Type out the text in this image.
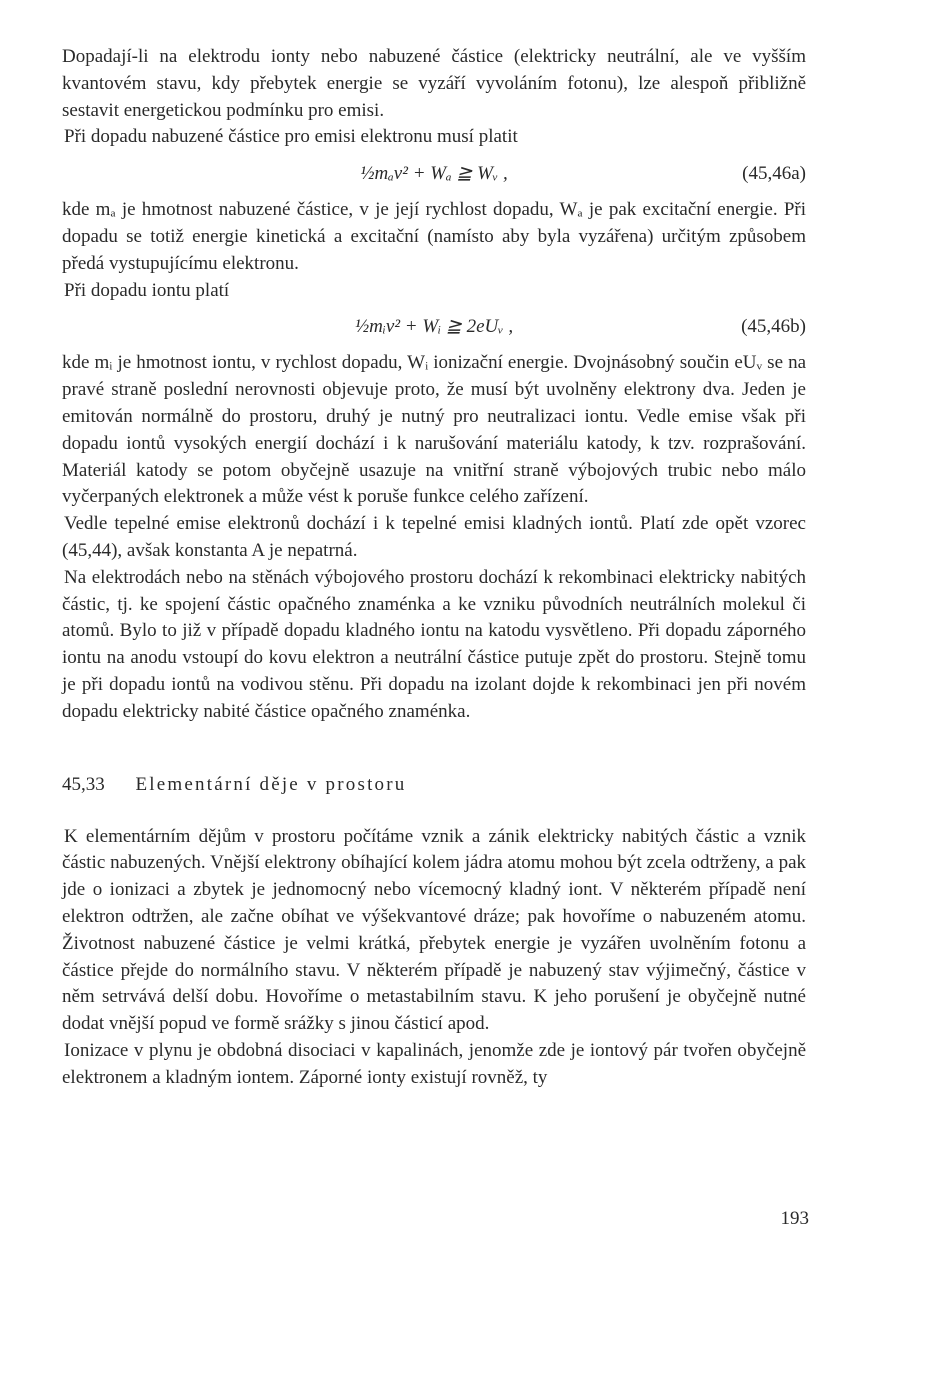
Dopadají-li na elektrodu ionty nebo nabuzené částice (elektricky neutrální, ale ve vyšším kvantovém stavu, kdy přebytek energie se vyzáří vyvoláním fotonu), lze alespoň přibližně sestavit energetickou podmínku pro emisi.

Při dopadu nabuzené částice pro emisi elektronu musí platit

½mₐv² + Wₐ ≧ Wᵥ ,	(45,46a)

kde mₐ je hmotnost nabuzené částice, v je její rychlost dopadu, Wₐ je pak excitační energie. Při dopadu se totiž energie kinetická a excitační (namísto aby byla vyzářena) určitým způsobem předá vystupujícímu elektronu.

Při dopadu iontu platí

½mᵢv² + Wᵢ ≧ 2eUᵥ ,	(45,46b)

kde mᵢ je hmotnost iontu, v rychlost dopadu, Wᵢ ionizační energie. Dvojnásobný součin eUᵥ se na pravé straně poslední nerovnosti objevuje proto, že musí být uvolněny elektrony dva. Jeden je emitován normálně do prostoru, druhý je nutný pro neutralizaci iontu. Vedle emise však při dopadu iontů vysokých energií dochází i k narušování materiálu katody, k tzv. rozprašování. Materiál katody se potom obyčejně usazuje na vnitřní straně výbojových trubic nebo málo vyčerpaných elektronek a může vést k poruše funkce celého zařízení.

Vedle tepelné emise elektronů dochází i k tepelné emisi kladných iontů. Platí zde opět vzorec (45,44), avšak konstanta A je nepatrná.

Na elektrodách nebo na stěnách výbojového prostoru dochází k rekombinaci elektricky nabitých částic, tj. ke spojení částic opačného znaménka a ke vzniku původních neutrálních molekul či atomů. Bylo to již v případě dopadu kladného iontu na katodu vysvětleno. Při dopadu záporného iontu na anodu vstoupí do kovu elektron a neutrální částice putuje zpět do prostoru. Stejně tomu je při dopadu iontů na vodivou stěnu. Při dopadu na izolant dojde k rekombinaci jen při novém dopadu elektricky nabité částice opačného znaménka.

45,33 Elementární děje v prostoru

K elementárním dějům v prostoru počítáme vznik a zánik elektricky nabitých částic a vznik částic nabuzených. Vnější elektrony obíhající kolem jádra atomu mohou být zcela odtrženy, a pak jde o ionizaci a zbytek je jednomocný nebo vícemocný kladný iont. V některém případě není elektron odtržen, ale začne obíhat ve výšekvantové dráze; pak hovoříme o nabuzeném atomu. Životnost nabuzené částice je velmi krátká, přebytek energie je vyzářen uvolněním fotonu a částice přejde do normálního stavu. V některém případě je nabuzený stav výjimečný, částice v něm setrvává delší dobu. Hovoříme o metastabilním stavu. K jeho porušení je obyčejně nutné dodat vnější popud ve formě srážky s jinou částicí apod.

Ionizace v plynu je obdobná disociaci v kapalinách, jenomže zde je iontový pár tvořen obyčejně elektronem a kladným iontem. Záporné ionty existují rovněž, ty

193
